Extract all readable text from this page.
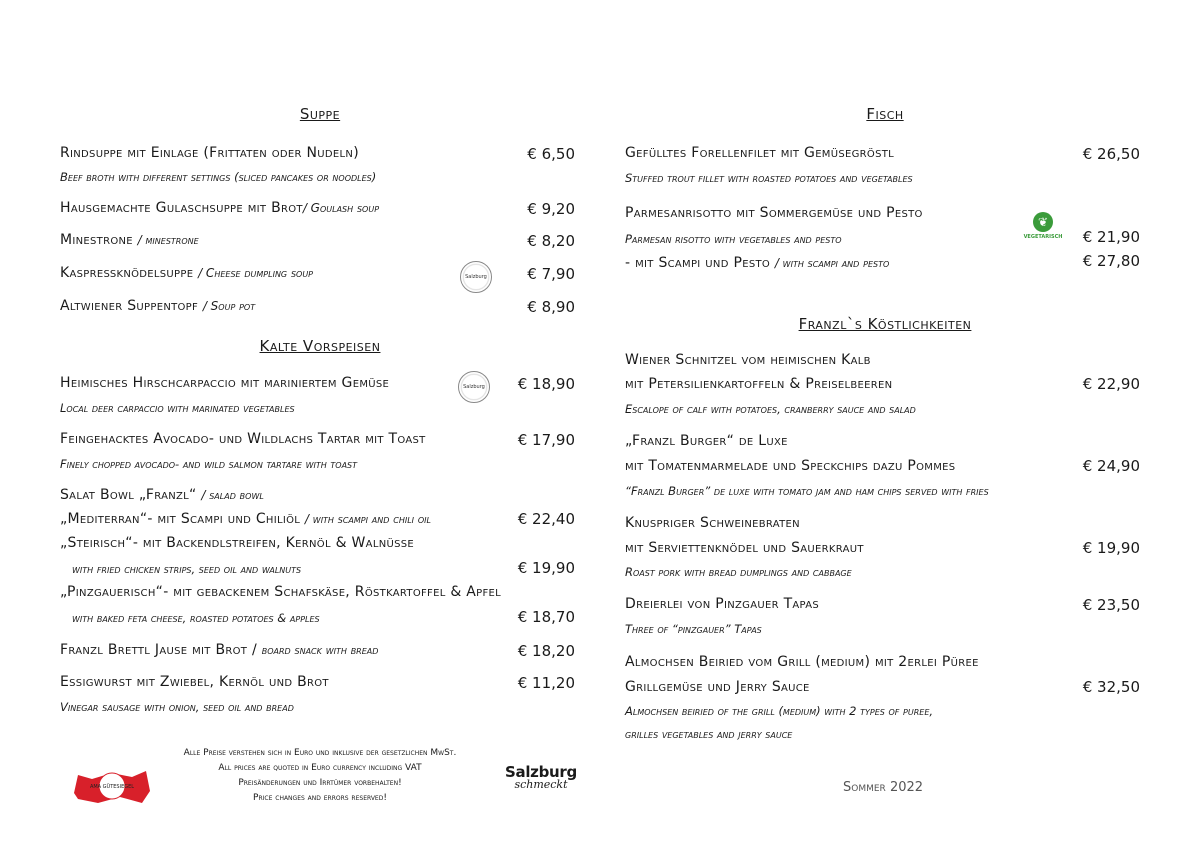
Suppe
Rindsuppe mit Einlage (Frittaten oder Nudeln)	€ 6,50
Beef broth with different settings (sliced pancakes or noodles)
Hausgemachte Gulaschsuppe mit Brot/ Goulash soup	€ 9,20
Minestrone / minestrone	€ 8,20
Kaspreßknödelsuppe / Cheese dumpling soup	Salzburg	€ 7,90
Altwiener Suppentopf / Soup pot	€ 8,90
Kalte Vorspeisen
Heimisches Hirschcarpaccio mit mariniertem Gemüse	Salzburg	€ 18,90
Local deer carpaccio with marinated vegetables
Feingehacktes Avocado- und Wildlachs Tartar mit Toast	€ 17,90
Finely chopped avocado- and wild salmon tartare with toast
Salat Bowl „Franzl“ / salad bowl
„Mediterran“- mit Scampi und Chiliöl / with scampi and chili oil	€ 22,40
„Steirisch“- mit Backendlstreifen, Kernöl & Walnüsse
with fried chicken strips, seed oil and walnuts	€ 19,90
„Pinzgauerisch“- mit gebackenem Schafskäse, Röstkartoffel & Apfel
with baked feta cheese, roasted potatoes & apples	€ 18,70
Franzl Brettl Jause mit Brot / board snack with bread	€ 18,20
Essigwurst mit Zwiebel, Kernöl und Brot	€ 11,20
Vinegar sausage with onion, seed oil and bread
Fisch
Gefülltes Forellenfilet mit Gemüsegröstl	€ 26,50
Stuffed trout fillet with roasted potatoes and vegetables
Parmesanrisotto mit Sommergemüse und Pesto
❦
VEGETARISCH
Parmesan risotto with vegetables and pesto	€ 21,90
- mit Scampi und Pesto / with scampi and pesto	€ 27,80
Franzl`s Köstlichkeiten
Wiener Schnitzel vom heimischen Kalb
mit Petersilienkartoffeln & Preiselbeeren	€ 22,90
Escalope of calf with potatoes, cranberry sauce and salad
„Franzl Burger“ de Luxe
mit Tomatenmarmelade und Speckchips dazu Pommes	€ 24,90
“Franzl Burger” de luxe with tomato jam and ham chips served with fries
Knuspriger Schweinebraten
mit Serviettenknödel und Sauerkraut	€ 19,90
Roast pork with bread dumplings and cabbage
Dreierlei von Pinzgauer Tapas	€ 23,50
Three of “pinzgauer” Tapas
Almochsen Beiried vom Grill (medium) mit 2erlei Püree
Grillgemüse und Jerry Sauce	€ 32,50
Almochsen beiried of the grill (medium) with 2 types of puree,
grilles vegetables and jerry sauce
AMA GÜTESIEGEL
Alle Preise verstehen sich in Euro und inklusive der gesetzlichen MwSt.
All prices are quoted in Euro currency including VAT
Preisänderungen und Irrtümer vorbehalten!
Price changes and errors reserved!
Salzburg
schmeckt	Sommer 2022
